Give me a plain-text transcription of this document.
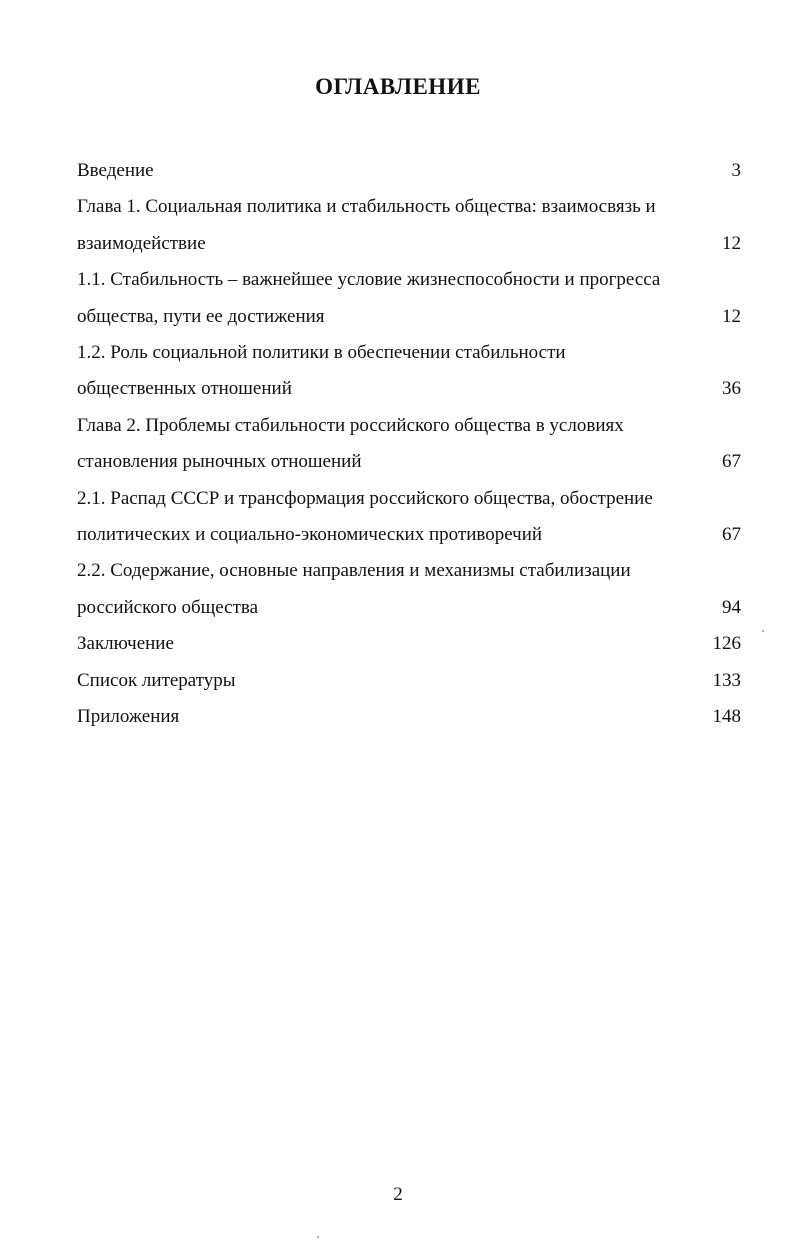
ОГЛАВЛЕНИЕ
Введение	3
Глава 1. Социальная политика и стабильность общества: взаимосвязь и
взаимодействие	12
1.1. Стабильность – важнейшее условие жизнеспособности и прогресса
общества, пути ее достижения	12
1.2. Роль социальной политики в обеспечении стабильности
общественных отношений	36
Глава 2. Проблемы стабильности российского общества в условиях
становления рыночных отношений	67
2.1. Распад СССР и трансформация российского общества, обострение
политических и социально-экономических противоречий	67
2.2. Содержание, основные направления и механизмы стабилизации
российского общества	94
Заключение	126
Список литературы	133
Приложения	148
2
